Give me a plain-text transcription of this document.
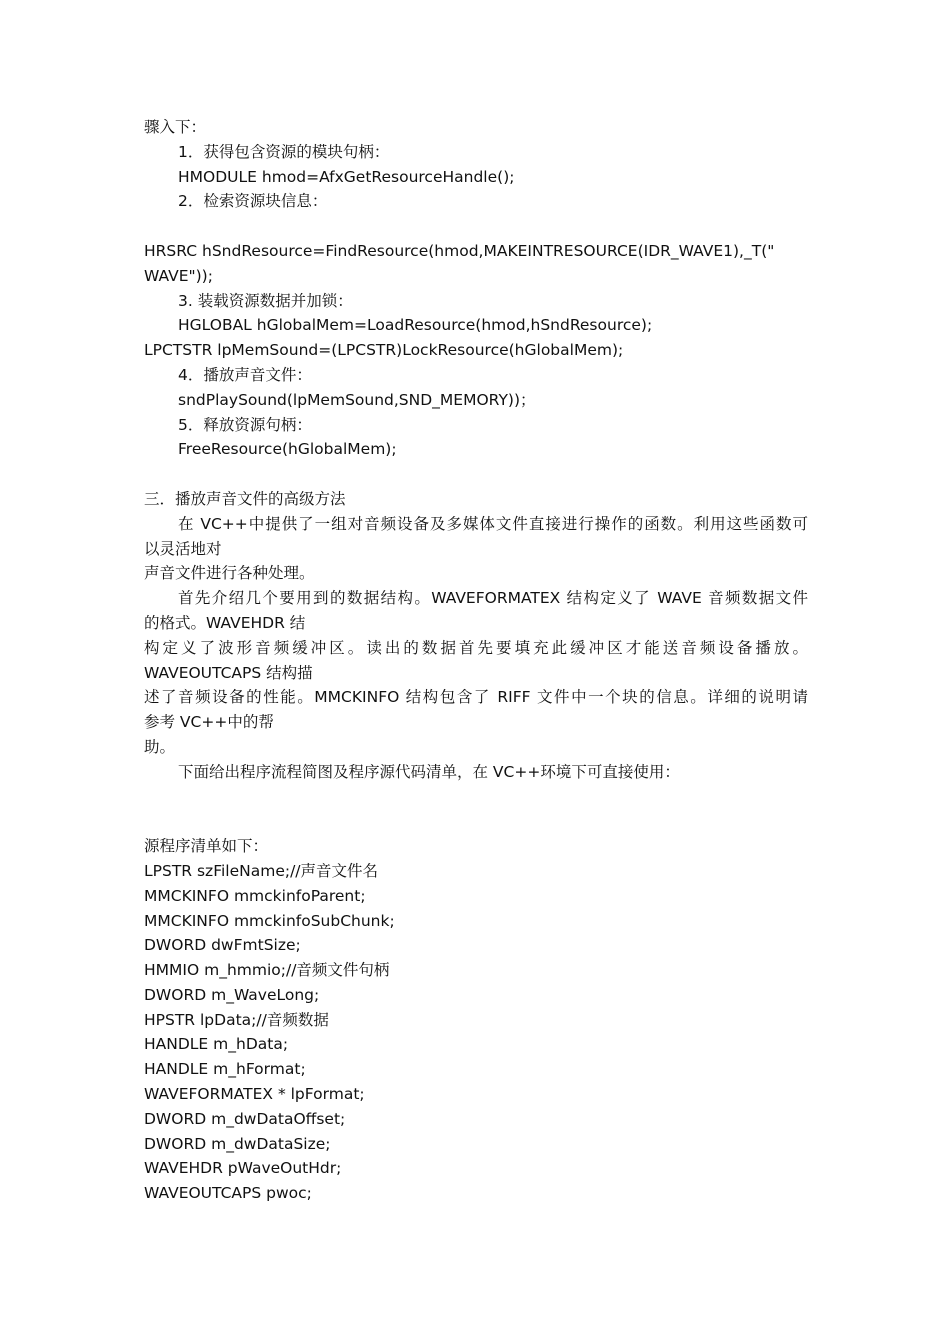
骤入下：
1．获得包含资源的模块句柄：
HMODULE hmod=AfxGetResourceHandle();
2．检索资源块信息：
HRSRC hSndResource=FindResource(hmod,MAKEINTRESOURCE(IDR_WAVE1),_T("
WAVE"));
3. 装载资源数据并加锁：
HGLOBAL hGlobalMem=LoadResource(hmod,hSndResource);
LPCTSTR lpMemSound=(LPCSTR)LockResource(hGlobalMem);
4．播放声音文件：
sndPlaySound(lpMemSound,SND_MEMORY))；
5．释放资源句柄：
FreeResource(hGlobalMem);
三．播放声音文件的高级方法
在 VC++中提供了一组对音频设备及多媒体文件直接进行操作的函数。利用这些函数可
以灵活地对
声音文件进行各种处理。
首先介绍几个要用到的数据结构。WAVEFORMATEX 结构定义了 WAVE 音频数据文件
的格式。WAVEHDR 结
构定义了波形音频缓冲区。读出的数据首先要填充此缓冲区才能送音频设备播放。
WAVEOUTCAPS 结构描
述了音频设备的性能。MMCKINFO 结构包含了 RIFF 文件中一个块的信息。详细的说明请
参考 VC++中的帮
助。
下面给出程序流程简图及程序源代码清单，在 VC++环境下可直接使用：
源程序清单如下：
LPSTR szFileName;//声音文件名
MMCKINFO mmckinfoParent;
MMCKINFO mmckinfoSubChunk;
DWORD dwFmtSize;
HMMIO m_hmmio;//音频文件句柄
DWORD m_WaveLong;
HPSTR lpData;//音频数据
HANDLE m_hData;
HANDLE m_hFormat;
WAVEFORMATEX * lpFormat;
DWORD m_dwDataOffset;
DWORD m_dwDataSize;
WAVEHDR pWaveOutHdr;
WAVEOUTCAPS pwoc;
